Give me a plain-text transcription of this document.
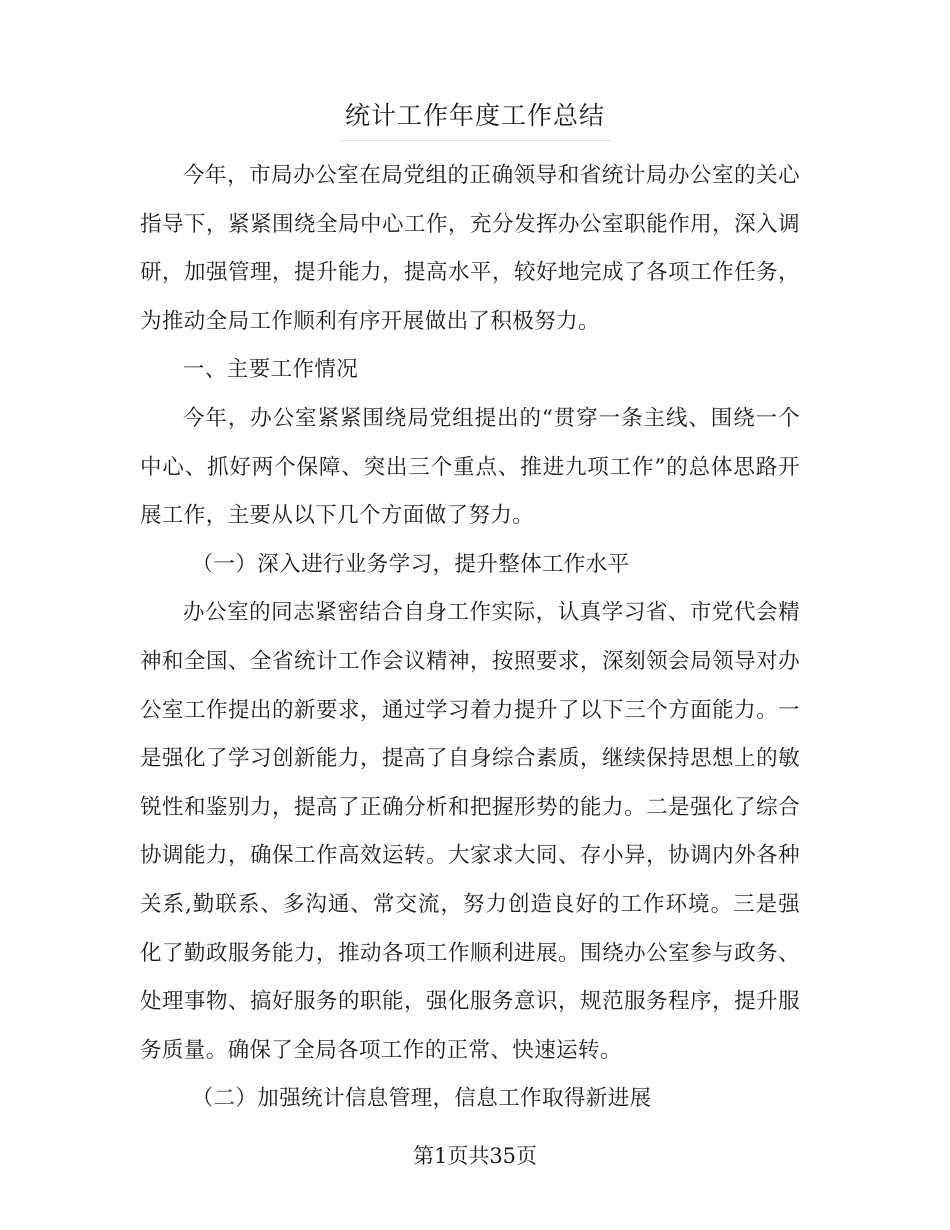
统计工作年度工作总结

今年，市局办公室在局党组的正确领导和省统计局办公室的关心指导下，紧紧围绕全局中心工作，充分发挥办公室职能作用，深入调研，加强管理，提升能力，提高水平，较好地完成了各项工作任务，为推动全局工作顺利有序开展做出了积极努力。

一、主要工作情况

今年，办公室紧紧围绕局党组提出的“贯穿一条主线、围绕一个中心、抓好两个保障、突出三个重点、推进九项工作”的总体思路开展工作，主要从以下几个方面做了努力。

（一）深入进行业务学习，提升整体工作水平

办公室的同志紧密结合自身工作实际，认真学习省、市党代会精神和全国、全省统计工作会议精神，按照要求，深刻领会局领导对办公室工作提出的新要求，通过学习着力提升了以下三个方面能力。一是强化了学习创新能力，提高了自身综合素质，继续保持思想上的敏锐性和鉴别力，提高了正确分析和把握形势的能力。二是强化了综合协调能力，确保工作高效运转。大家求大同、存小异，协调内外各种关系,勤联系、多沟通、常交流，努力创造良好的工作环境。三是强化了勤政服务能力，推动各项工作顺利进展。围绕办公室参与政务、处理事物、搞好服务的职能，强化服务意识，规范服务程序，提升服务质量。确保了全局各项工作的正常、快速运转。

（二）加强统计信息管理，信息工作取得新进展

第1页共35页
